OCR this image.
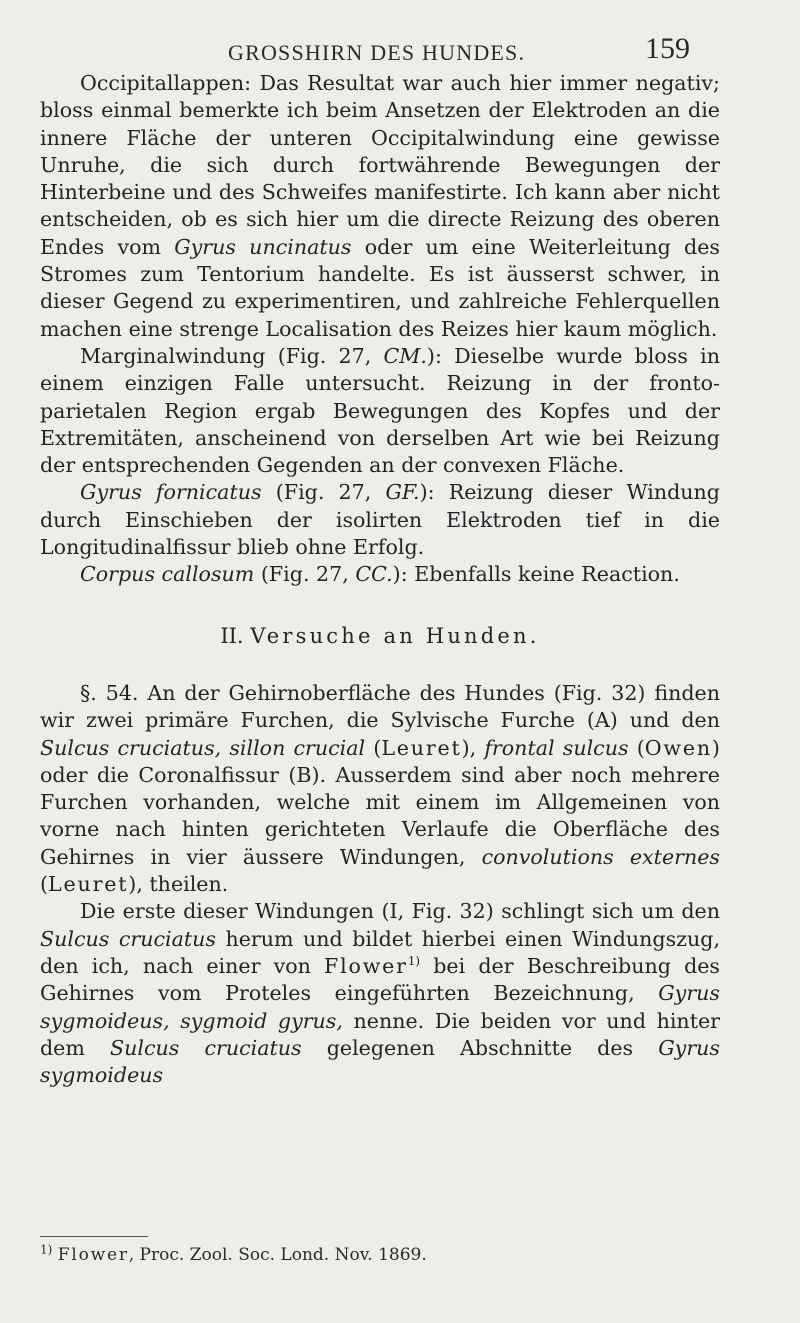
GROSSHIRN DES HUNDES.	159

Occipitallappen: Das Resultat war auch hier immer negativ; bloss einmal bemerkte ich beim Ansetzen der Elektroden an die innere Fläche der unteren Occipitalwindung eine gewisse Unruhe, die sich durch fortwährende Bewegungen der Hinterbeine und des Schweifes manifestirte. Ich kann aber nicht entscheiden, ob es sich hier um die directe Reizung des oberen Endes vom Gyrus uncinatus oder um eine Weiterleitung des Stromes zum Tentorium handelte. Es ist äusserst schwer, in dieser Gegend zu experimentiren, und zahlreiche Fehlerquellen machen eine strenge Localisation des Reizes hier kaum möglich.

Marginalwindung (Fig. 27, CM.): Dieselbe wurde bloss in einem einzigen Falle untersucht. Reizung in der fronto-parietalen Region ergab Bewegungen des Kopfes und der Extremitäten, anscheinend von derselben Art wie bei Reizung der entsprechenden Gegenden an der convexen Fläche.

Gyrus fornicatus (Fig. 27, GF.): Reizung dieser Windung durch Einschieben der isolirten Elektroden tief in die Longitudinalfissur blieb ohne Erfolg.

Corpus callosum (Fig. 27, CC.): Ebenfalls keine Reaction.

II. Versuche an Hunden.

§. 54. An der Gehirnoberfläche des Hundes (Fig. 32) finden wir zwei primäre Furchen, die Sylvische Furche (A) und den Sulcus cruciatus, sillon crucial (Leuret), frontal sulcus (Owen) oder die Coronalfissur (B). Ausserdem sind aber noch mehrere Furchen vorhanden, welche mit einem im Allgemeinen von vorne nach hinten gerichteten Verlaufe die Oberfläche des Gehirnes in vier äussere Windungen, convolutions externes (Leuret), theilen.

Die erste dieser Windungen (I, Fig. 32) schlingt sich um den Sulcus cruciatus herum und bildet hierbei einen Windungszug, den ich, nach einer von Flower$^{1)}$ bei der Beschreibung des Gehirnes vom Proteles eingeführten Bezeichnung, Gyrus sygmoideus, sygmoid gyrus, nenne. Die beiden vor und hinter dem Sulcus cruciatus gelegenen Abschnitte des Gyrus sygmoideus

$^{1)}$ Flower, Proc. Zool. Soc. Lond. Nov. 1869.
